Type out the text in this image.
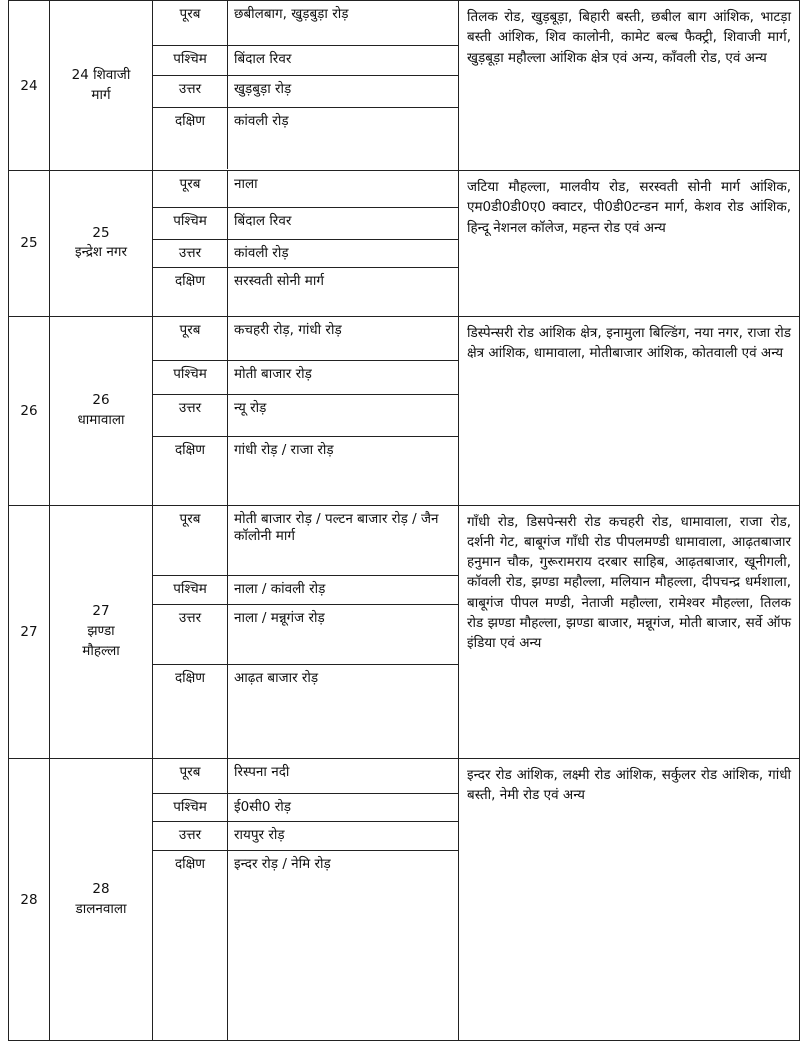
24	24 शिवाजी
मार्ग	
पूरब	छबीलबाग, खुड़बुड़ा रोड़
पश्चिम	बिंदाल रिवर
उत्तर	खुड़बुड़ा रोड़
दक्षिण	कांवली रोड़
	तिलक रोड, खुड़बूड़ा, बिहारी बस्ती, छबील बाग आंशिक, भाटड़ा बस्ती आंशिक, शिव कालोनी, कामेट बल्ब फैक्ट्री, शिवाजी मार्ग, खुड़बूड़ा महौल्ला आंशिक क्षेत्र एवं अन्य, कॉंवली रोड, एवं अन्य
25	25
इन्द्रेश नगर	
पूरब	नाला
पश्चिम	बिंदाल रिवर
उत्तर	कांवली रोड़
दक्षिण	सरस्वती सोनी मार्ग
	जटिया मौहल्ला, मालवीय रोड, सरस्वती सोनी मार्ग आंशिक, एम0डी0डी0ए0 क्वाटर, पी0डी0टन्डन मार्ग, केशव रोड आंशिक, हिन्दू नेशनल कॉलेज, महन्त रोड एवं अन्य
26	26
धामावाला	
पूरब	कचहरी रोड़, गांधी रोड़
पश्चिम	मोती बाजार रोड़
उत्तर	न्यू रोड़
दक्षिण	गांधी रोड़ / राजा रोड़
	डिस्पेन्सरी रोड आंशिक क्षेत्र, इनामुला बिल्डिंग, नया नगर, राजा रोड क्षेत्र आंशिक, धामावाला, मोतीबाजार आंशिक, कोतवाली एवं अन्य
27	27
झण्डा
मौहल्ला	
पूरब	मोती बाजार रोड़ / पल्टन बाजार रोड़ / जैन कॉलोनी मार्ग
पश्चिम	नाला / कांवली रोड़
उत्तर	नाला / मन्नूगंज रोड़
दक्षिण	आढ़त बाजार रोड़
	गॉंधी रोड, डिसपेन्सरी रोड कचहरी रोड, धामावाला, राजा रोड, दर्शनी गेट, बाबूगंज गॉंधी रोड पीपलमण्डी धामावाला, आढ़तबाजार हनुमान चौक, गुरूरामराय दरबार साहिब, आढ़तबाजार, खूनीगली, कॉवली रोड, झण्डा महौल्ला, मलियान मौहल्ला, दीपचन्द्र धर्मशाला, बाबूगंज पीपल मण्डी, नेताजी महौल्ला, रामेश्वर मौहल्ला, तिलक रोड झण्डा मौहल्ला, झण्डा बाजार, मन्नूगंज, मोती बाजार, सर्वे ऑफ इंडिया एवं अन्य
28	28
डालनवाला	
पूरब	रिस्पना नदी
पश्चिम	ई0सी0 रोड़
उत्तर	रायपुर रोड़
दक्षिण	इन्दर रोड़ / नेमि रोड़
	इन्दर रोड आंशिक, लक्ष्मी रोड आंशिक, सर्कुलर रोड आंशिक, गांधी बस्ती, नेमी रोड एवं अन्य
